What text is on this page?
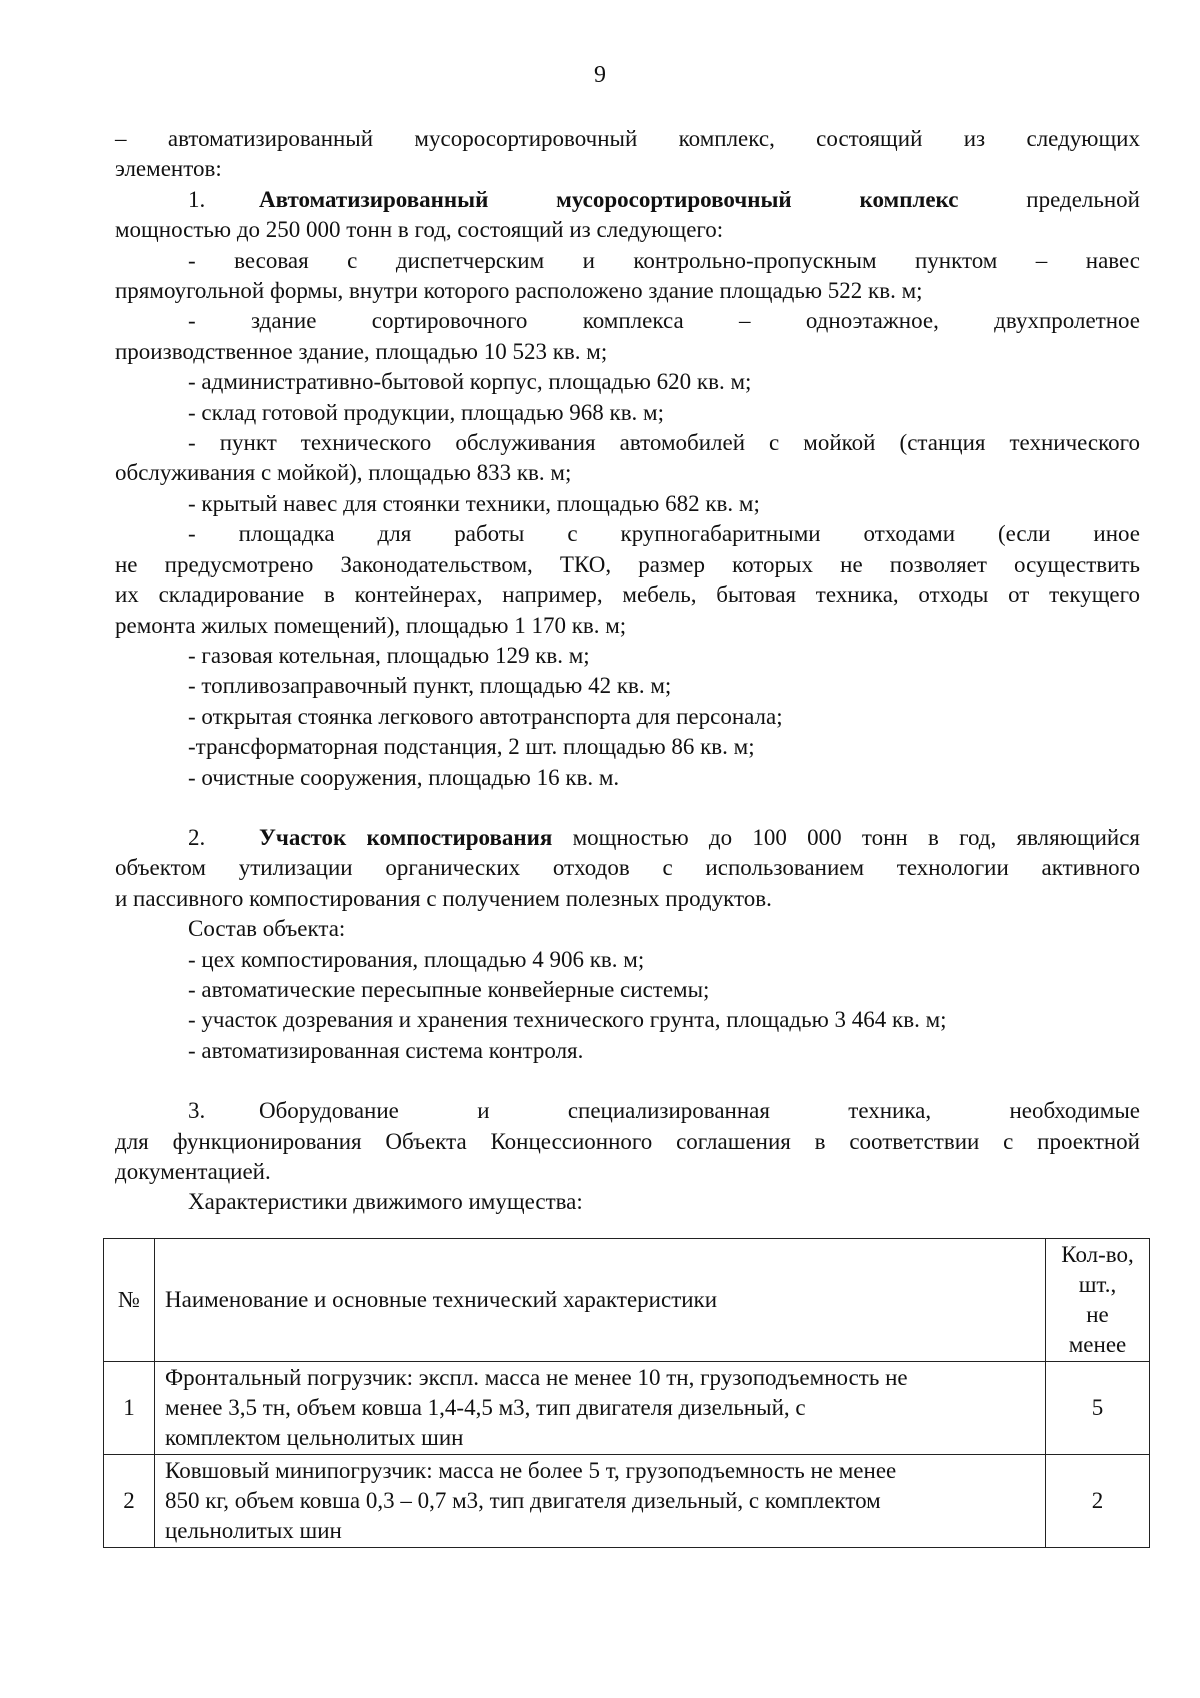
9
– автоматизированный мусоросортировочный комплекс, состоящий из следующих
элементов:
1. Автоматизированный мусоросортировочный комплекс предельной
мощностью до 250 000 тонн в год, состоящий из следующего:
- весовая с диспетчерским и контрольно-пропускным пунктом – навес
прямоугольной формы, внутри которого расположено здание площадью 522 кв. м;
- здание сортировочного комплекса – одноэтажное, двухпролетное
производственное здание, площадью 10 523 кв. м;
- административно-бытовой корпус, площадью 620 кв. м;
- склад готовой продукции, площадью 968 кв. м;
- пункт технического обслуживания автомобилей с мойкой (станция технического
обслуживания с мойкой), площадью 833 кв. м;
- крытый навес для стоянки техники, площадью 682 кв. м;
- площадка для работы с крупногабаритными отходами (если иное
не предусмотрено Законодательством, ТКО, размер которых не позволяет осуществить
их складирование в контейнерах, например, мебель, бытовая техника, отходы от текущего
ремонта жилых помещений), площадью 1 170 кв. м;
- газовая котельная, площадью 129 кв. м;
- топливозаправочный пункт, площадью 42 кв. м;
- открытая стоянка легкового автотранспорта для персонала;
-трансформаторная подстанция, 2 шт. площадью 86 кв. м;
- очистные сооружения, площадью 16 кв. м.
2. Участок компостирования мощностью до 100 000 тонн в год, являющийся
объектом утилизации органических отходов с использованием технологии активного
и пассивного компостирования с получением полезных продуктов.
Состав объекта:
- цех компостирования, площадью 4 906 кв. м;
- автоматические пересыпные конвейерные системы;
- участок дозревания и хранения технического грунта, площадью 3 464 кв. м;
- автоматизированная система контроля.
3. Оборудование и специализированная техника, необходимые
для функционирования Объекта Концессионного соглашения в соответствии с проектной
документацией.
Характеристики движимого имущества:
№	Наименование и основные технический характеристики	Кол-во,
шт.,
не
менее

1	Фронтальный погрузчик: экспл. масса не менее 10 тн, грузоподъемность не
менее 3,5 тн, объем ковша 1,4-4,5 м3, тип двигателя дизельный, с
комплектом цельнолитых шин	5
2	Ковшовый минипогрузчик: масса не более 5 т, грузоподъемность не менее
850 кг, объем ковша 0,3 – 0,7 м3, тип двигателя дизельный, с комплектом
цельнолитых шин	2
